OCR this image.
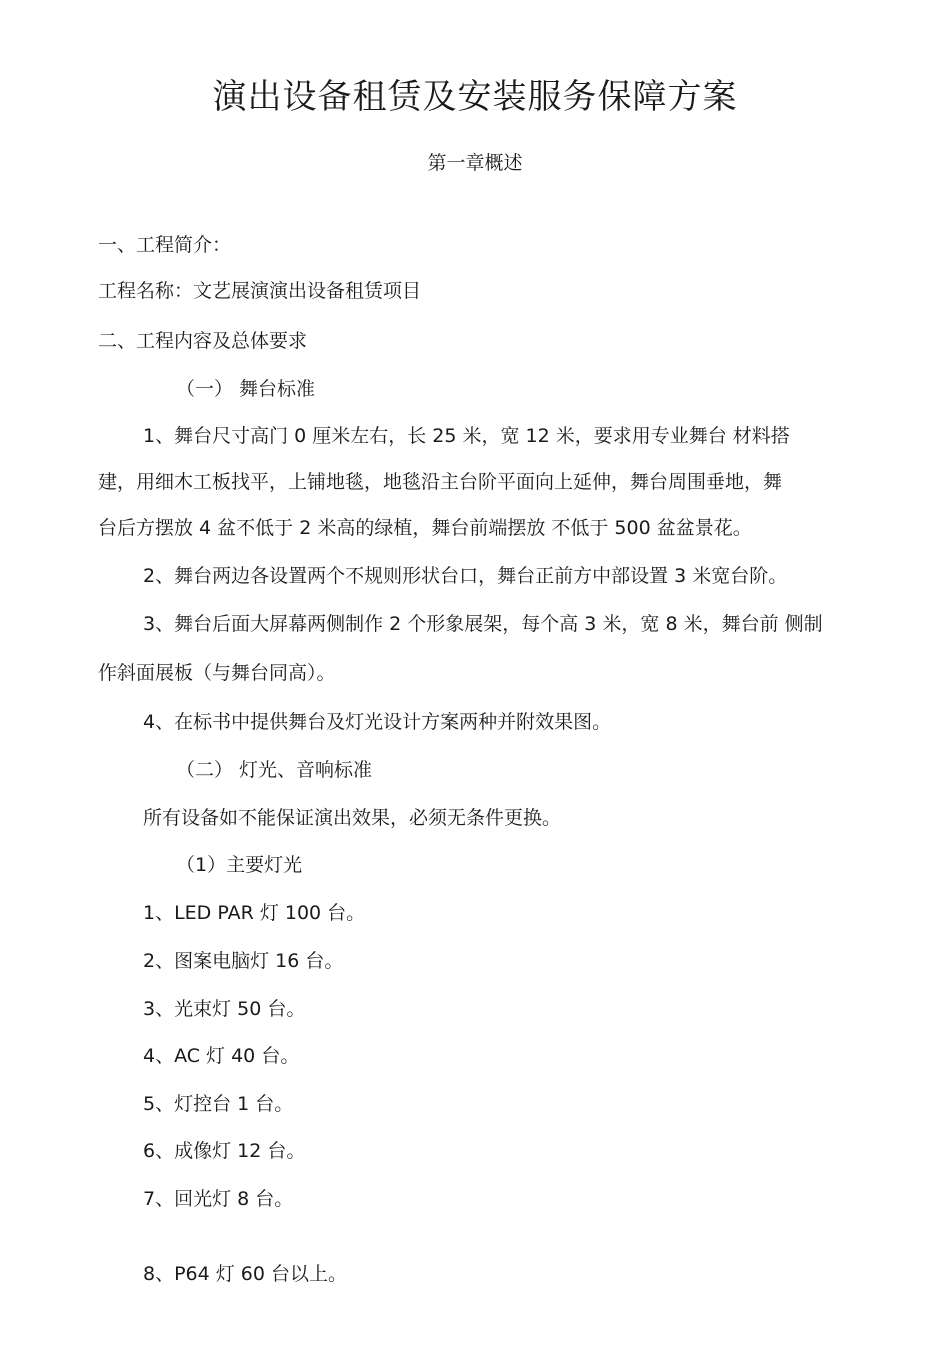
演出设备租赁及安装服务保障方案
第一章概述
一、工程简介：
工程名称：文艺展演演出设备租赁项目
二、工程内容及总体要求
（一） 舞台标准
1、舞台尺寸高门 0 厘米左右，长 25 米，宽 12 米，要求用专业舞台 材料搭
建，用细木工板找平，上铺地毯，地毯沿主台阶平面向上延伸，舞台周围垂地，舞
台后方摆放 4 盆不低于 2 米高的绿植，舞台前端摆放 不低于 500 盆盆景花。
2、舞台两边各设置两个不规则形状台口，舞台正前方中部设置 3 米宽台阶。
3、舞台后面大屏幕两侧制作 2 个形象展架，每个高 3 米，宽 8 米，舞台前 侧制
作斜面展板（与舞台同高）。
4、在标书中提供舞台及灯光设计方案两种并附效果图。
（二） 灯光、音响标准
所有设备如不能保证演出效果，必须无条件更换。
（1）主要灯光
1、LED PAR 灯 100 台。
2、图案电脑灯 16 台。
3、光束灯 50 台。
4、AC 灯 40 台。
5、灯控台 1 台。
6、成像灯 12 台。
7、回光灯 8 台。
8、P64 灯 60 台以上。
